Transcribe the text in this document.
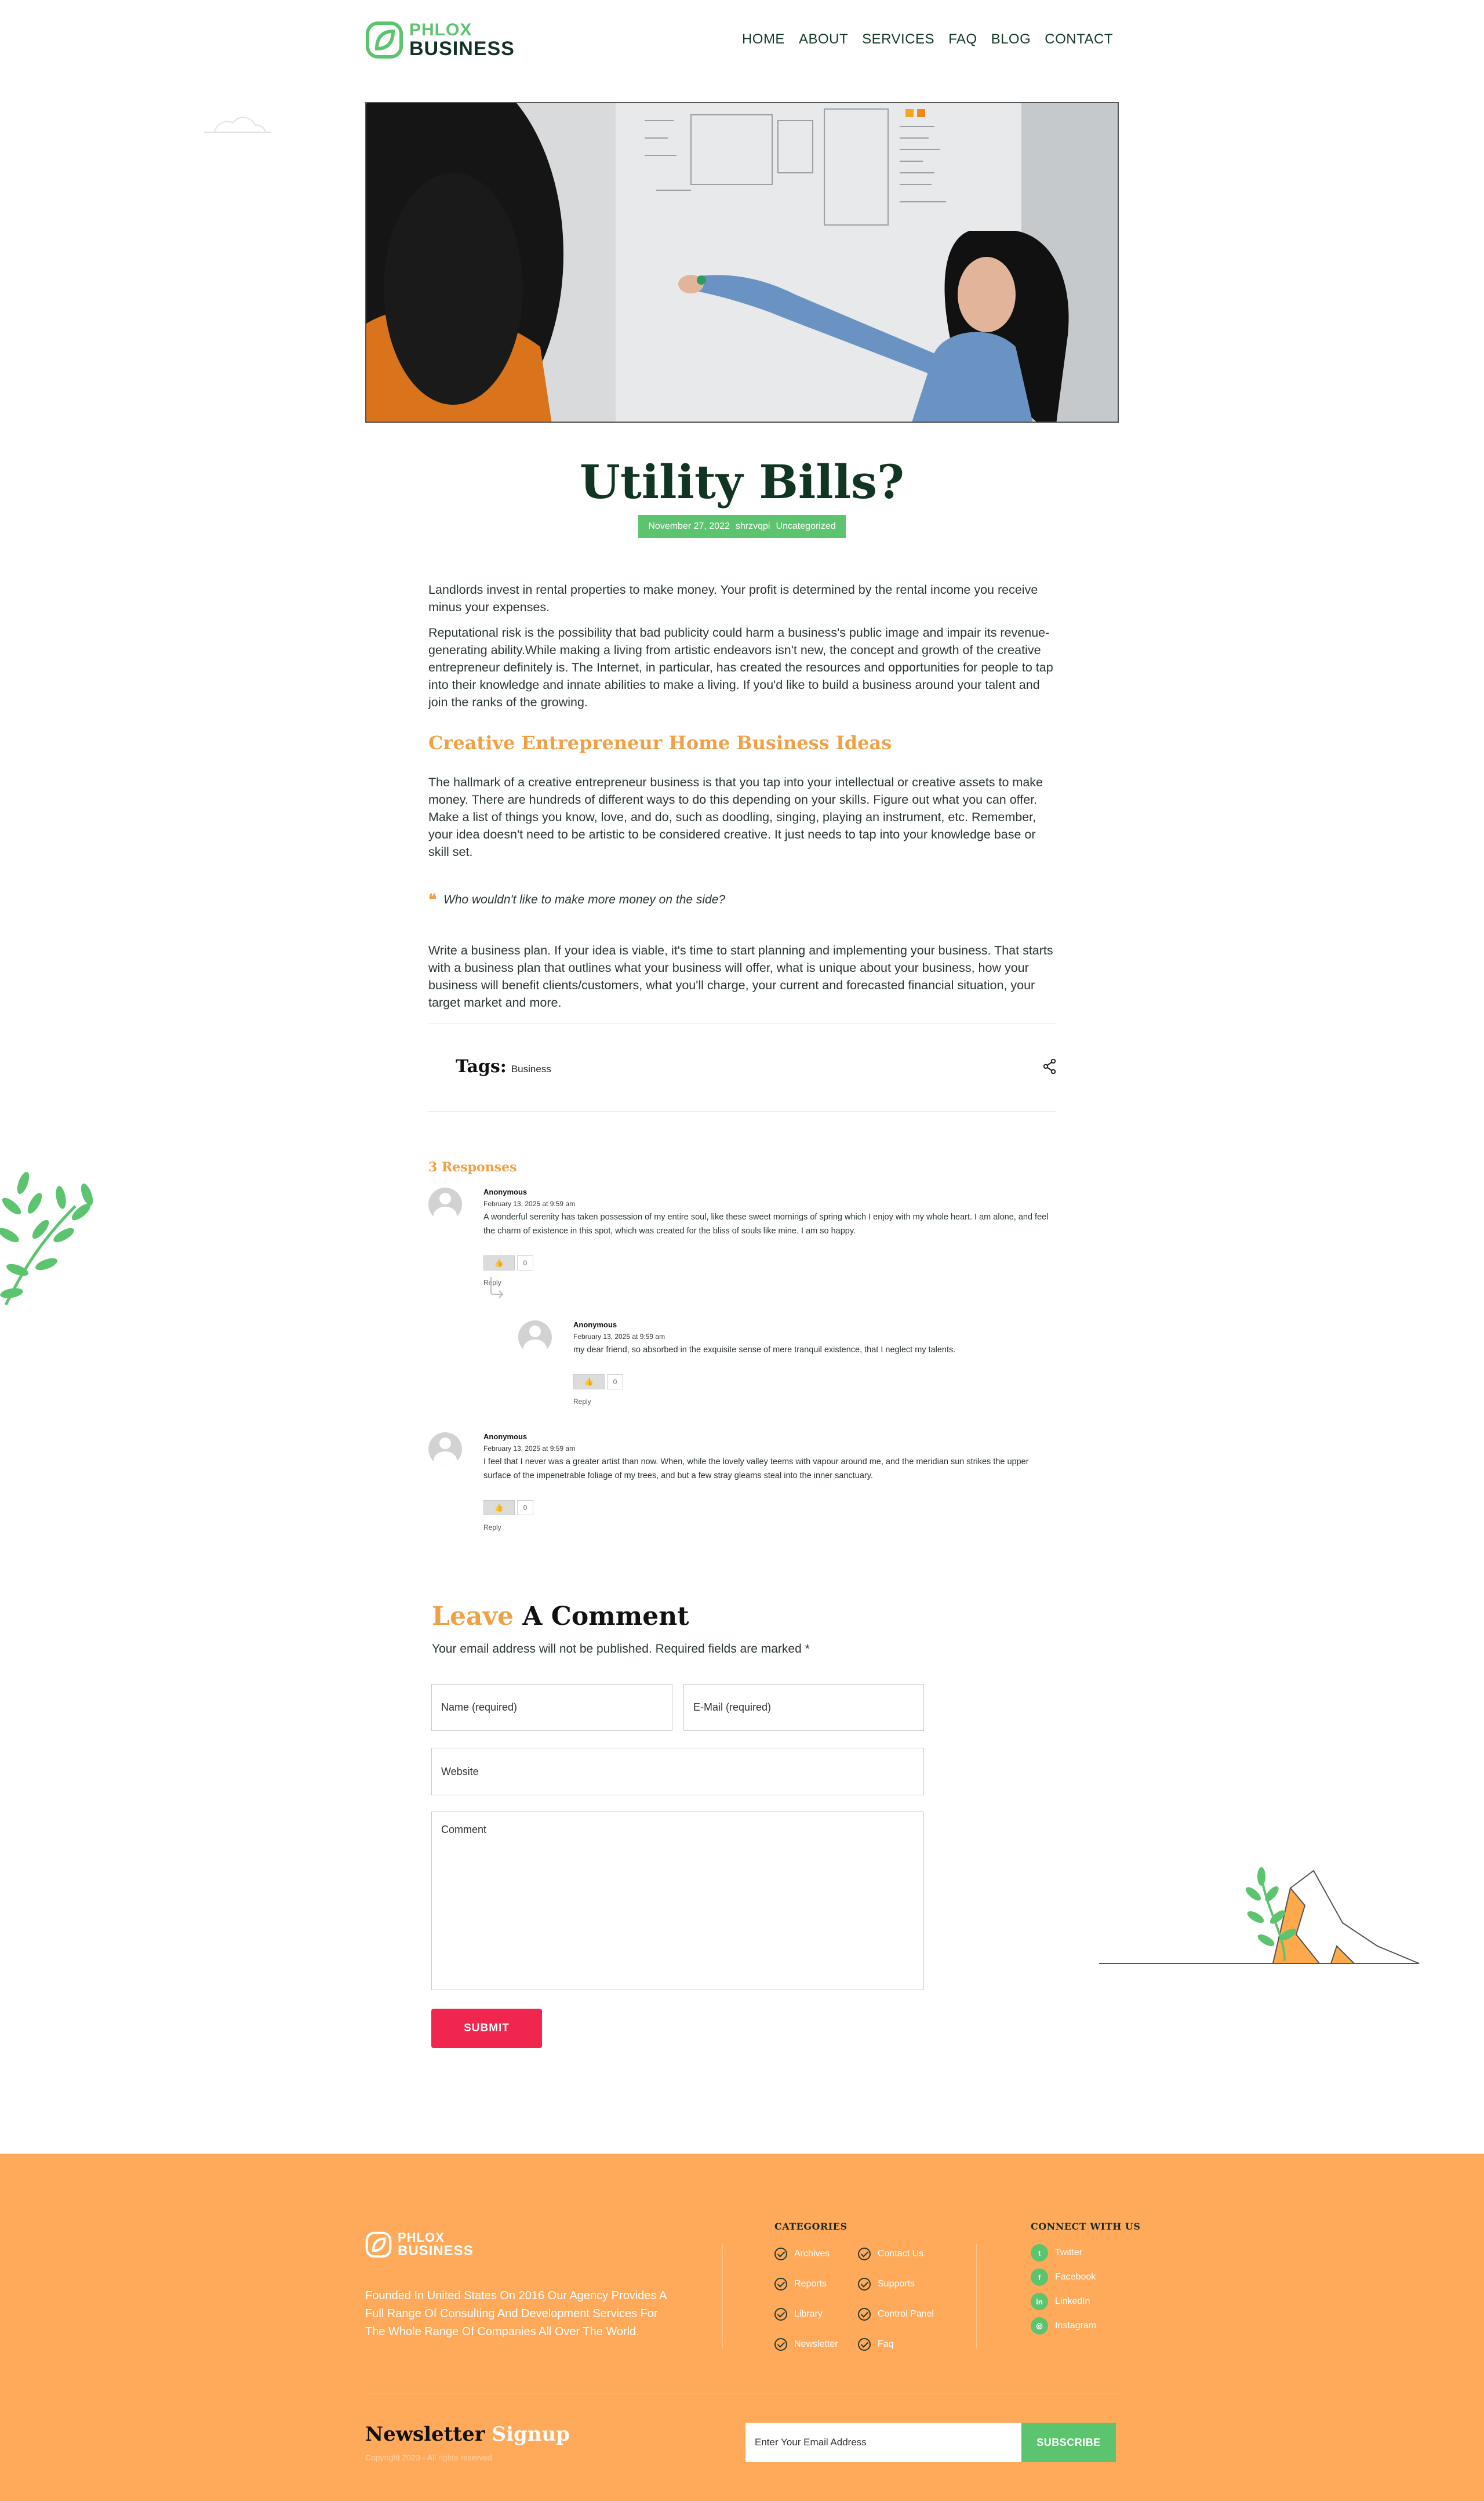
PHLOX
BUSINESS	HOME ABOUT SERVICES FAQ BLOG CONTACT
Utility Bills?
November 27, 2022 shrzvqpi Uncategorized

Landlords invest in rental properties to make money. Your profit is determined by the rental income you receive minus your expenses.

Reputational risk is the possibility that bad publicity could harm a business's public image and impair its revenue-generating ability.While making a living from artistic endeavors isn't new, the concept and growth of the creative entrepreneur definitely is. The Internet, in particular, has created the resources and opportunities for people to tap into their knowledge and innate abilities to make a living. If you'd like to build a business around your talent and join the ranks of the growing.

Creative Entrepreneur Home Business Ideas

The hallmark of a creative entrepreneur business is that you tap into your intellectual or creative assets to make money. There are hundreds of different ways to do this depending on your skills. Figure out what you can offer. Make a list of things you know, love, and do, such as doodling, singing, playing an instrument, etc. Remember, your idea doesn't need to be artistic to be considered creative. It just needs to tap into your knowledge base or skill set.

❝ Who wouldn't like to make more money on the side?

Write a business plan. If your idea is viable, it's time to start planning and implementing your business. That starts with a business plan that outlines what your business will offer, what is unique about your business, how your business will benefit clients/customers, what you'll charge, your current and forecasted financial situation, your target market and more.

Tags: Business
3 Responses
Anonymous
February 13, 2025 at 9:59 am
A wonderful serenity has taken possession of my entire soul, like these sweet mornings of spring which I enjoy with my whole heart. I am alone, and feel the charm of existence in this spot, which was created for the bliss of souls like mine. I am so happy.
👍	0
Reply
Anonymous
February 13, 2025 at 9:59 am
my dear friend, so absorbed in the exquisite sense of mere tranquil existence, that I neglect my talents.
👍	0
Reply
Anonymous
February 13, 2025 at 9:59 am
I feel that I never was a greater artist than now. When, while the lovely valley teems with vapour around me, and the meridian sun strikes the upper surface of the impenetrable foliage of my trees, and but a few stray gleams steal into the inner sanctuary.
👍	0
Reply
Leave A Comment
Your email address will not be published. Required fields are marked *
Name (required)	E-Mail (required)
Website
Comment
SUBMIT
PHLOX
BUSINESS
Founded In United States On 2016 Our Agency Provides A Full Range Of Consulting And Development Services For The Whole Range Of Companies All Over The World.
CATEGORIES
Archives
Reports
Library
Newsletter
Contact Us
Supports
Control Panel
Faq
CONNECT WITH US
t	Twitter
f	Facebook
in	LinkedIn
◎	Instagram
Newsletter Signup
Copyright 2023 - All rights reserved
Enter Your Email Address	SUBSCRIBE
